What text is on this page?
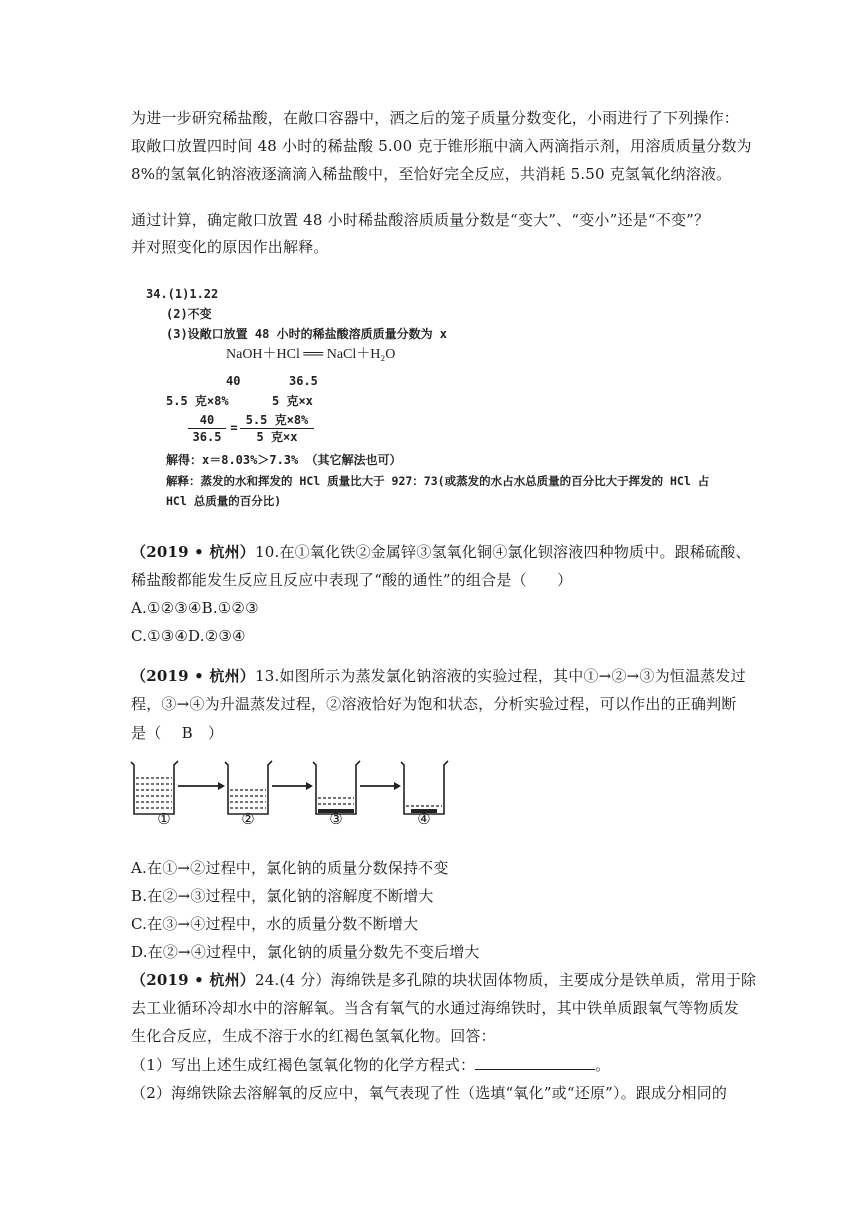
为进一步研究稀盐酸，在敞口容器中，洒之后的笼子质量分数变化，小雨进行了下列操作：
取敞口放置四时间 48 小时的稀盐酸 5.00 克于锥形瓶中滴入两滴指示剂，用溶质质量分数为
8%的氢氧化钠溶液逐滴滴入稀盐酸中，至恰好完全反应，共消耗 5.50 克氢氧化纳溶液。
通过计算，确定敞口放置 48 小时稀盐酸溶质质量分数是“变大”、“变小”还是“不变”？
并对照变化的原因作出解释。
34.(1)1.22
(2)不变
(3)设敞口放置 48 小时的稀盐酸溶质质量分数为 x
NaOH＋HCl ══ NaCl＋H₂O
40	36.5
5.5 克×8%	5 克×x
40
36.5
=
5.5 克×8%
5 克×x
解得：x＝8.03%＞7.3% （其它解法也可）
解释：蒸发的水和挥发的 HCl 质量比大于 927：73(或蒸发的水占水总质量的百分比大于挥发的 HCl 占
HCl 总质量的百分比)
（2019 • 杭州）10.在①氧化铁②金属锌③氢氧化铜④氯化钡溶液四种物质中。跟稀硫酸、
稀盐酸都能发生反应且反应中表现了“酸的通性”的组合是（　　）
A.①②③④B.①②③
C.①③④D.②③④
（2019 • 杭州）13.如图所示为蒸发氯化钠溶液的实验过程，其中①→②→③为恒温蒸发过
程，③→④为升温蒸发过程，②溶液恰好为饱和状态，分析实验过程，可以作出的正确判断
是（　 B　）
①	②	③	④
A.在①→②过程中，氯化钠的质量分数保持不变
B.在②→③过程中，氯化钠的溶解度不断增大
C.在③→④过程中，水的质量分数不断增大
D.在②→④过程中，氯化钠的质量分数先不变后增大
（2019 • 杭州）24.(4 分）海绵铁是多孔隙的块状固体物质，主要成分是铁单质，常用于除
去工业循环冷却水中的溶解氧。当含有氧气的水通过海绵铁时，其中铁单质跟氧气等物质发
生化合反应，生成不溶于水的红褐色氢氧化物。回答：
（1）写出上述生成红褐色氢氧化物的化学方程式：	。
（2）海绵铁除去溶解氧的反应中，氧气表现了性（选填“氧化”或“还原”）。跟成分相同的
